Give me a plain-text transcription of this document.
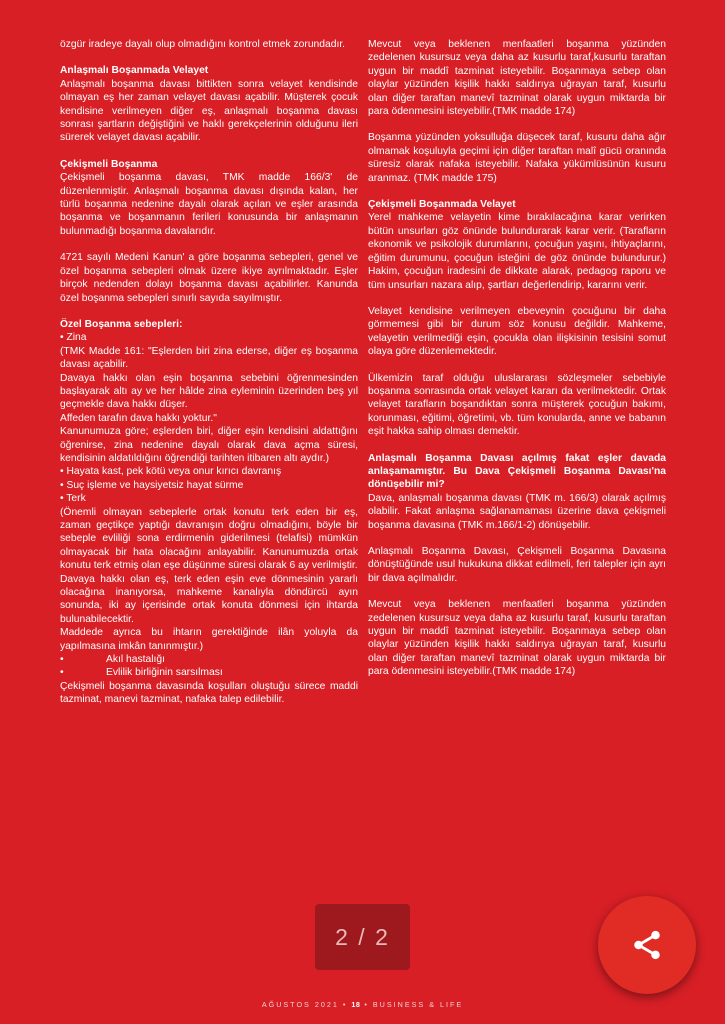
özgür iradeye dayalı olup olmadığını kontrol etmek zorundadır.

Anlaşmalı Boşanmada Velayet

Anlaşmalı boşanma davası bittikten sonra velayet kendisinde olmayan eş her zaman velayet davası açabilir. Müşterek çocuk kendisine verilmeyen diğer eş, anlaşmalı boşanma davası sonrası şartların değiştiğini ve haklı gerekçelerinin olduğunu ileri sürerek velayet davası açabilir.

Çekişmeli Boşanma

Çekişmeli boşanma davası, TMK madde 166/3' de düzenlenmiştir. Anlaşmalı boşanma davası dışında kalan, her türlü boşanma nedenine dayalı olarak açılan ve eşler arasında boşanma ve boşanmanın ferileri konusunda bir anlaşmanın bulunmadığı boşanma davalarıdır.

4721 sayılı Medeni Kanun' a göre boşanma sebepleri, genel ve özel boşanma sebepleri olmak üzere ikiye ayrılmaktadır. Eşler birçok nedenden dolayı boşanma davası açabilirler. Kanunda özel boşanma sebepleri sınırlı sayıda sayılmıştır.

Özel Boşanma sebepleri:

• Zina

(TMK Madde 161: "Eşlerden biri zina ederse, diğer eş boşanma davası açabilir.

Davaya hakkı olan eşin boşanma sebebini öğrenmesinden başlayarak altı ay ve her hâlde zina eyleminin üzerinden beş yıl geçmekle dava hakkı düşer.

Affeden tarafın dava hakkı yoktur."

Kanunumuza göre; eşlerden biri, diğer eşin kendisini aldattığını öğrenirse, zina nedenine dayalı olarak dava açma süresi, kendisinin aldatıldığını öğrendiği tarihten itibaren altı aydır.)

• Hayata kast, pek kötü veya onur kırıcı davranış

• Suç işleme ve haysiyetsiz hayat sürme

• Terk

(Önemli olmayan sebeplerle ortak konutu terk eden bir eş, zaman geçtikçe yaptığı davranışın doğru olmadığını, böyle bir sebeple evliliği sona erdirmenin giderilmesi (telafisi) mümkün olmayacak bir hata olacağını anlayabilir. Kanunumuzda ortak konutu terk etmiş olan eşe düşünme süresi olarak 6 ay verilmiştir.

Davaya hakkı olan eş, terk eden eşin eve dönmesinin yararlı olacağına inanıyorsa, mahkeme kanalıyla döndürcü ayın sonunda, iki ay içerisinde ortak konuta dönmesi için ihtarda bulunabilecektir.

Maddede ayrıca bu ihtarın gerektiğinde ilân yoluyla da yapılmasına imkân tanınmıştır.)

• Akıl hastalığı

• Evlilik birliğinin sarsılması

Çekişmeli boşanma davasında koşulları oluştuğu sürece maddi tazminat, manevi tazminat, nafaka talep edilebilir.

Mevcut veya beklenen menfaatleri boşanma yüzünden zedelenen kusursuz veya daha az kusurlu taraf,kusurlu taraftan uygun bir maddî tazminat isteyebilir. Boşanmaya sebep olan olaylar yüzünden kişilik hakkı saldırıya uğrayan taraf, kusurlu olan diğer taraftan manevî tazminat olarak uygun miktarda bir para ödenmesini isteyebilir.(TMK madde 174)

Boşanma yüzünden yoksulluğa düşecek taraf, kusuru daha ağır olmamak koşuluyla geçimi için diğer taraftan malî gücü oranında süresiz olarak nafaka isteyebilir. Nafaka yükümlüsünün kusuru aranmaz. (TMK madde 175)

Çekişmeli Boşanmada Velayet

Yerel mahkeme velayetin kime bırakılacağına karar verirken bütün unsurları göz önünde bulundurarak karar verir. (Tarafların ekonomik ve psikolojik durumlarını, çocuğun yaşını, ihtiyaçlarını, eğitim durumunu, çocuğun isteğini de göz önünde bulundurur.) Hakim, çocuğun iradesini de dikkate alarak, pedagog raporu ve tüm unsurları nazara alıp, şartları değerlendirip, kararını verir.

Velayet kendisine verilmeyen ebeveynin çocuğunu bir daha görmemesi gibi bir durum söz konusu değildir. Mahkeme, velayetin verilmediği eşin, çocukla olan ilişkisinin tesisini somut olaya göre düzenlemektedir.

Ülkemizin taraf olduğu uluslararası sözleşmeler sebebiyle boşanma sonrasında ortak velayet kararı da verilmektedir. Ortak velayet tarafların boşandıktan sonra müşterek çocuğun bakımı, korunması, eğitimi, öğretimi, vb. tüm konularda, anne ve babanın eşit hakka sahip olması demektir.

Anlaşmalı Boşanma Davası açılmış fakat eşler davada anlaşamamıştır. Bu Dava Çekişmeli Boşanma Davası'na dönüşebilir mi?

Dava, anlaşmalı boşanma davası (TMK m. 166/3) olarak açılmış olabilir. Fakat anlaşma sağlanamaması üzerine dava çekişmeli boşanma davasına (TMK m.166/1-2) dönüşebilir.

Anlaşmalı Boşanma Davası, Çekişmeli Boşanma Davasına dönüştüğünde usul hukukuna dikkat edilmeli, feri talepler için ayrı bir dava açılmalıdır.

Mevcut veya beklenen menfaatleri boşanma yüzünden zedelenen kusursuz veya daha az kusurlu taraf, kusurlu taraftan uygun bir maddî tazminat isteyebilir. Boşanmaya sebep olan olaylar yüzünden kişilik hakkı saldırıya uğrayan taraf, kusurlu olan diğer taraftan manevî tazminat olarak uygun miktarda bir para ödenmesini isteyebilir.(TMK madde 174)

AĞUSTOS 2021 • 18 • BUSINESS & LIFE
2 / 2
